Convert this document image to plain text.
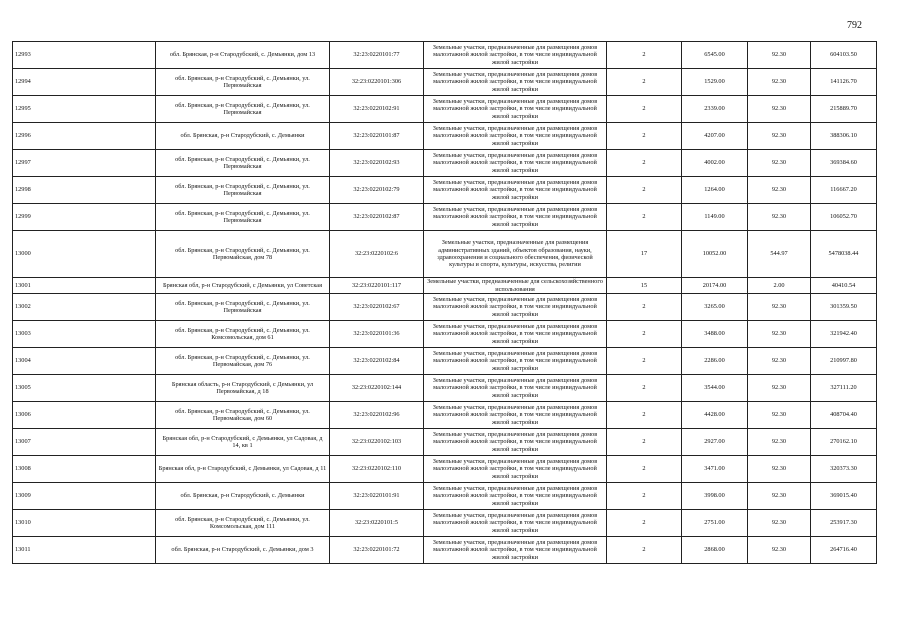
792
12993	обл. Брянская, р-н Стародубский, с. Демьянки, дом 13	32:23:0220101:77	Земельные участки, предназначенные для размещения домов малоэтажной жилой застройки, в том числе индивидуальной жилой застройки	2	6545.00	92.30	604103.50
12994	обл. Брянская, р-н Стародубский, с. Демьянки, ул. Первомайская	32:23:0220101:306	Земельные участки, предназначенные для размещения домов малоэтажной жилой застройки, в том числе индивидуальной жилой застройки	2	1529.00	92.30	141126.70
12995	обл. Брянская, р-н Стародубский, с. Демьянки, ул. Первомайская	32:23:0220102:91	Земельные участки, предназначенные для размещения домов малоэтажной жилой застройки, в том числе индивидуальной жилой застройки	2	2339.00	92.30	215889.70
12996	обл. Брянская, р-н Стародубский, с. Демьянки	32:23:0220101:87	Земельные участки, предназначенные для размещения домов малоэтажной жилой застройки, в том числе индивидуальной жилой застройки	2	4207.00	92.30	388306.10
12997	обл. Брянская, р-н Стародубский, с. Демьянки, ул. Первомайская	32:23:0220102:93	Земельные участки, предназначенные для размещения домов малоэтажной жилой застройки, в том числе индивидуальной жилой застройки	2	4002.00	92.30	369384.60
12998	обл. Брянская, р-н Стародубский, с. Демьянки, ул. Первомайская	32:23:0220102:79	Земельные участки, предназначенные для размещения домов малоэтажной жилой застройки, в том числе индивидуальной жилой застройки	2	1264.00	92.30	116667.20
12999	обл. Брянская, р-н Стародубский, с. Демьянки, ул. Первомайская	32:23:0220102:87	Земельные участки, предназначенные для размещения домов малоэтажной жилой застройки, в том числе индивидуальной жилой застройки	2	1149.00	92.30	106052.70
13000	обл. Брянская, р-н Стародубский, с. Демьянки, ул. Первомайская, дом 78	32:23:0220102:6	Земельные участки, предназначенные для размещения административных зданий, объектов образования, науки, здравоохранения и социального обеспечения, физической культуры и спорта, культуры, искусства, религии	17	10052.00	544.97	5478038.44
13001	Брянская обл, р-н Стародубский, с Демьянки, ул Советская	32:23:0220101:117	Земельные участки, предназначенные для сельскохозяйственного использования	15	20174.00	2.00	40410.54
13002	обл. Брянская, р-н Стародубский, с. Демьянки, ул. Первомайская	32:23:0220102:67	Земельные участки, предназначенные для размещения домов малоэтажной жилой застройки, в том числе индивидуальной жилой застройки	2	3265.00	92.30	301359.50
13003	обл. Брянская, р-н Стародубский, с. Демьянки, ул. Комсомольская, дом 61	32:23:0220101:36	Земельные участки, предназначенные для размещения домов малоэтажной жилой застройки, в том числе индивидуальной жилой застройки	2	3488.00	92.30	321942.40
13004	обл. Брянская, р-н Стародубский, с. Демьянки, ул. Первомайская, дом 76	32:23:0220102:84	Земельные участки, предназначенные для размещения домов малоэтажной жилой застройки, в том числе индивидуальной жилой застройки	2	2286.00	92.30	210997.80
13005	Брянская область, р-н Стародубский, с Демьянки, ул Первомайская, д 18	32:23:0220102:144	Земельные участки, предназначенные для размещения домов малоэтажной жилой застройки, в том числе индивидуальной жилой застройки	2	3544.00	92.30	327111.20
13006	обл. Брянская, р-н Стародубский, с. Демьянки, ул. Первомайская, дом 60	32:23:0220102:96	Земельные участки, предназначенные для размещения домов малоэтажной жилой застройки, в том числе индивидуальной жилой застройки	2	4428.00	92.30	408704.40
13007	Брянская обл, р-н Стародубский, с Демьянки, ул Садовая, д 14, кв 1	32:23:0220102:103	Земельные участки, предназначенные для размещения домов малоэтажной жилой застройки, в том числе индивидуальной жилой застройки	2	2927.00	92.30	270162.10
13008	Брянская обл, р-н Стародубский, с Демьянки, ул Садовая, д 11	32:23:0220102:110	Земельные участки, предназначенные для размещения домов малоэтажной жилой застройки, в том числе индивидуальной жилой застройки	2	3471.00	92.30	320373.30
13009	обл. Брянская, р-н Стародубский, с. Демьянки	32:23:0220101:91	Земельные участки, предназначенные для размещения домов малоэтажной жилой застройки, в том числе индивидуальной жилой застройки	2	3998.00	92.30	369015.40
13010	обл. Брянская, р-н Стародубский, с. Демьянки, ул. Комсомольская, дом 111	32:23:0220101:5	Земельные участки, предназначенные для размещения домов малоэтажной жилой застройки, в том числе индивидуальной жилой застройки	2	2751.00	92.30	253917.30
13011	обл. Брянская, р-н Стародубский, с. Демьянки, дом 3	32:23:0220101:72	Земельные участки, предназначенные для размещения домов малоэтажной жилой застройки, в том числе индивидуальной жилой застройки	2	2868.00	92.30	264716.40
